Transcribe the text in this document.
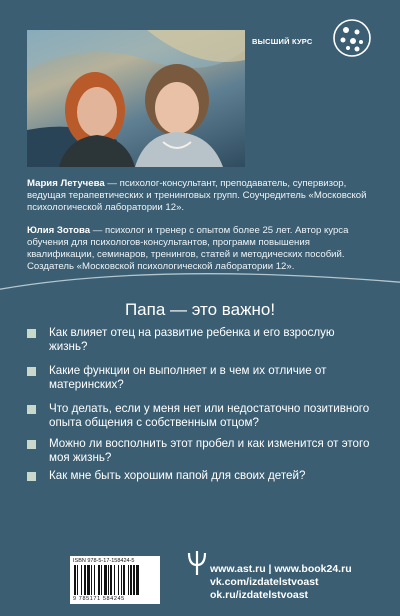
ВЫСШИЙ КУРС
Мария Летучева — психолог-консультант, преподаватель, супервизор, ведущая терапевтических и тренинговых групп. Соучредитель «Московской психологической лаборатории 12».
Юлия Зотова — психолог и тренер с опытом более 25 лет. Автор курса обучения для психологов-консультантов, программ повышения квалификации, семинаров, тренингов, статей и методических пособий. Создатель «Московской психологической лаборатории 12».
Папа — это важно!
Как влияет отец на развитие ребенка и его взрослую жизнь?
Какие функции он выполняет и в чем их отличие от материнских?
Что делать, если у меня нет или недостаточно позитивного опыта общения с собственным отцом?
Можно ли восполнить этот пробел и как изменится от этого моя жизнь?
Как мне быть хорошим папой для своих детей?
ISBN 978-5-17-158424-5
9 785171 584245
www.ast.ru | www.book24.ru
vk.com/izdatelstvoast
ok.ru/izdatelstvoast
